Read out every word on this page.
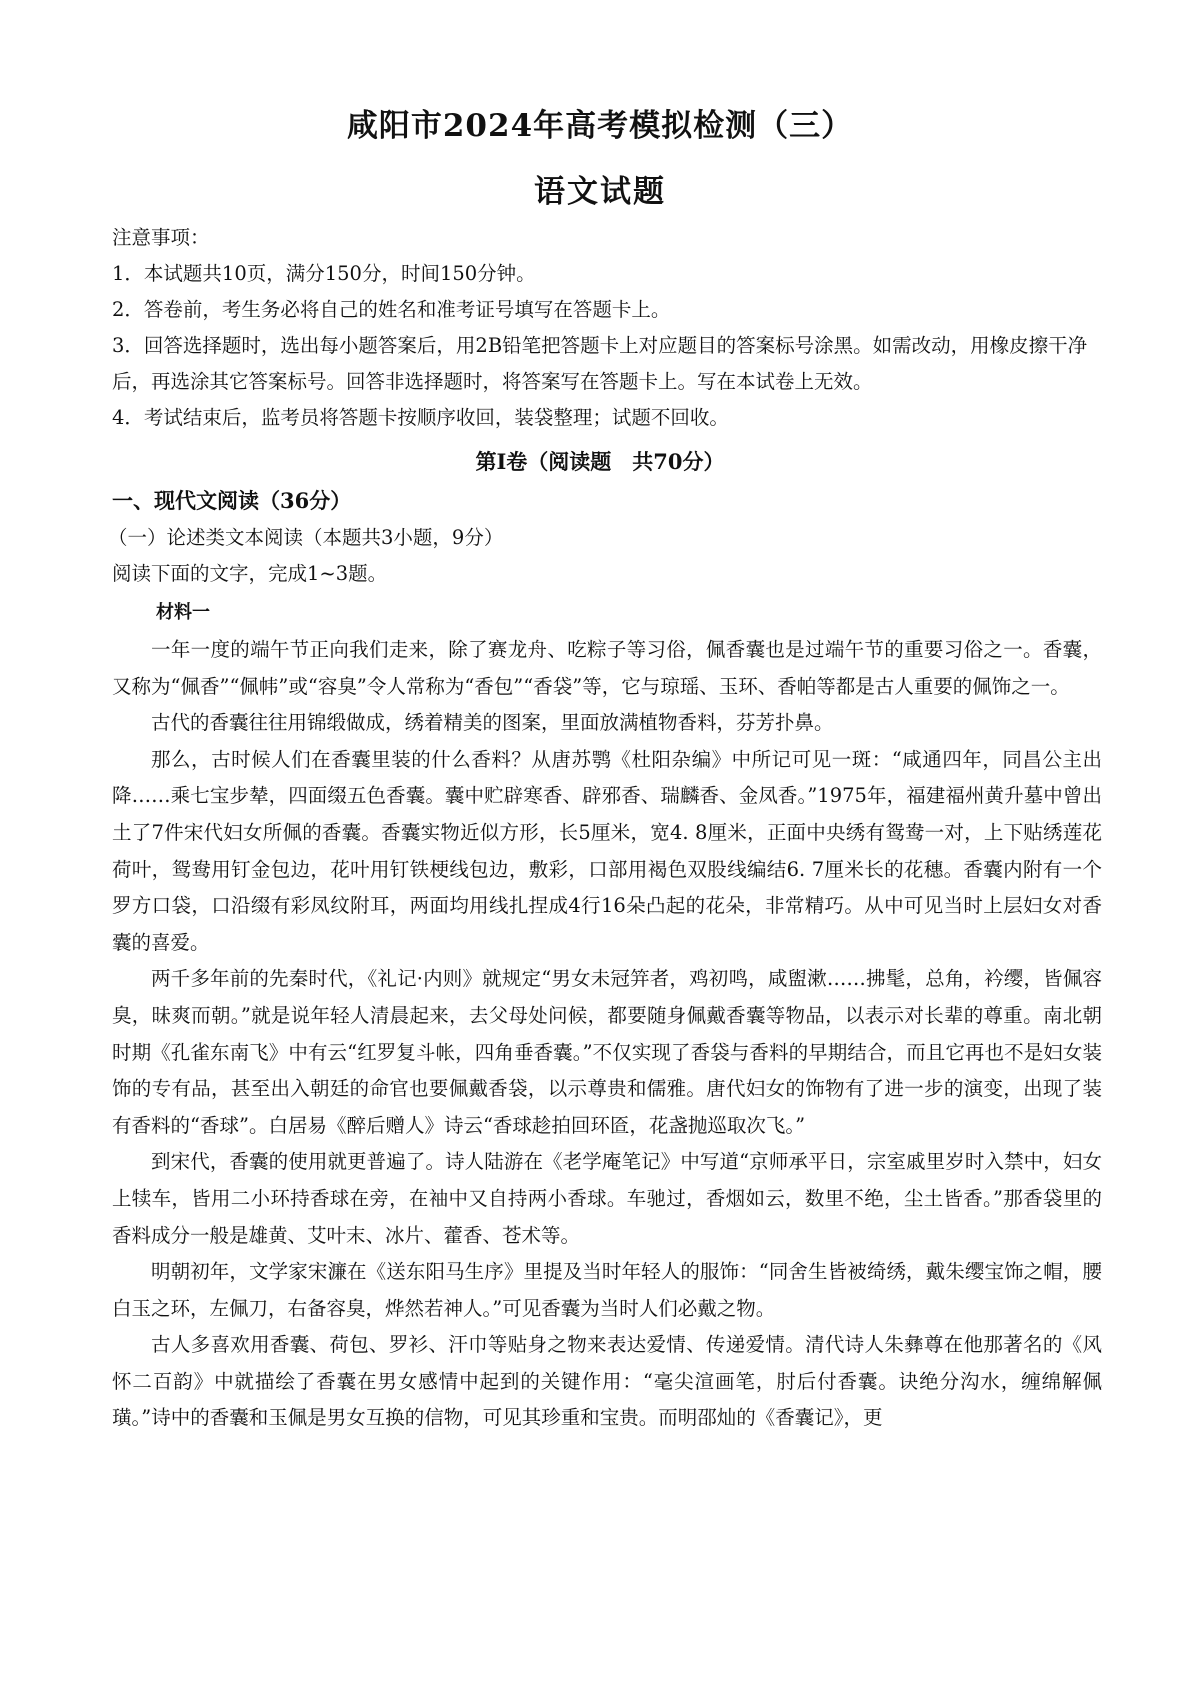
咸阳市2024年高考模拟检测（三）
语文试题

注意事项：

1．本试题共10页，满分150分，时间150分钟。

2．答卷前，考生务必将自己的姓名和准考证号填写在答题卡上。

3．回答选择题时，选出每小题答案后，用2B铅笔把答题卡上对应题目的答案标号涂黑。如需改动，用橡皮擦干净后，再选涂其它答案标号。回答非选择题时，将答案写在答题卡上。写在本试卷上无效。

4．考试结束后，监考员将答题卡按顺序收回，装袋整理；试题不回收。

第I卷（阅读题　共70分）
一、现代文阅读（36分）
（一）论述类文本阅读（本题共3小题，9分）
阅读下面的文字，完成1~3题。
材料一

一年一度的端午节正向我们走来，除了赛龙舟、吃粽子等习俗，佩香囊也是过端午节的重要习俗之一。香囊，又称为“佩香”“佩帏”或“容臭”令人常称为“香包”“香袋”等，它与琼瑶、玉环、香帕等都是古人重要的佩饰之一。

古代的香囊往往用锦缎做成，绣着精美的图案，里面放满植物香料，芬芳扑鼻。

那么，古时候人们在香囊里装的什么香料？从唐苏鹗《杜阳杂编》中所记可见一斑：“咸通四年，同昌公主出降……乘七宝步辇，四面缀五色香囊。囊中贮辟寒香、辟邪香、瑞麟香、金凤香。”1975年，福建福州黄升墓中曾出土了7件宋代妇女所佩的香囊。香囊实物近似方形，长5厘米，宽4. 8厘米，正面中央绣有鸳鸯一对，上下贴绣莲花荷叶，鸳鸯用钉金包边，花叶用钉铁梗线包边，敷彩，口部用褐色双股线编结6. 7厘米长的花穗。香囊内附有一个罗方口袋，口沿缀有彩凤纹附耳，两面均用线扎捏成4行16朵凸起的花朵，非常精巧。从中可见当时上层妇女对香囊的喜爱。

两千多年前的先秦时代，《礼记·内则》就规定“男女未冠笄者，鸡初鸣，咸盥漱……拂髦，总角，衿缨，皆佩容臭，昧爽而朝。”就是说年轻人清晨起来，去父母处问候，都要随身佩戴香囊等物品，以表示对长辈的尊重。南北朝时期《孔雀东南飞》中有云“红罗复斗帐，四角垂香囊。”不仅实现了香袋与香料的早期结合，而且它再也不是妇女装饰的专有品，甚至出入朝廷的命官也要佩戴香袋，以示尊贵和儒雅。唐代妇女的饰物有了进一步的演变，出现了装有香料的“香球”。白居易《醉后赠人》诗云“香球趁拍回环匼，花盏抛巡取次飞。”

到宋代，香囊的使用就更普遍了。诗人陆游在《老学庵笔记》中写道“京师承平日，宗室戚里岁时入禁中，妇女上犊车，皆用二小环持香球在旁，在袖中又自持两小香球。车驰过，香烟如云，数里不绝，尘土皆香。”那香袋里的香料成分一般是雄黄、艾叶末、冰片、藿香、苍术等。

明朝初年，文学家宋濂在《送东阳马生序》里提及当时年轻人的服饰：“同舍生皆被绮绣，戴朱缨宝饰之帽，腰白玉之环，左佩刀，右备容臭，烨然若神人。”可见香囊为当时人们必戴之物。

古人多喜欢用香囊、荷包、罗衫、汗巾等贴身之物来表达爱情、传递爱情。清代诗人朱彝尊在他那著名的《风怀二百韵》中就描绘了香囊在男女感情中起到的关键作用：“毫尖渲画笔，肘后付香囊。诀绝分沟水，缠绵解佩璜。”诗中的香囊和玉佩是男女互换的信物，可见其珍重和宝贵。而明邵灿的《香囊记》，更
